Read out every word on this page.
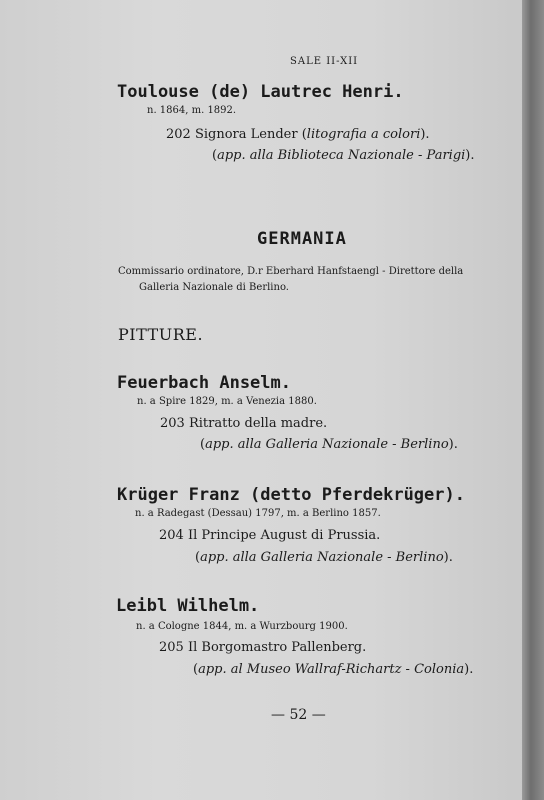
SALE II-XII
Toulouse (de) Lautrec Henri.
n. 1864, m. 1892.
202 Signora Lender (litografia a colori).
(app. alla Biblioteca Nazionale - Parigi).
GERMANIA
Commissario ordinatore, D.r Eberhard Hanfstaengl - Direttore della
Galleria Nazionale di Berlino.
PITTURE.
Feuerbach Anselm.
n. a Spire 1829, m. a Venezia 1880.
203 Ritratto della madre.
(app. alla Galleria Nazionale - Berlino).
Krüger Franz (detto Pferdekrüger).
n. a Radegast (Dessau) 1797, m. a Berlino 1857.
204 Il Principe August di Prussia.
(app. alla Galleria Nazionale - Berlino).
Leibl Wilhelm.
n. a Cologne 1844, m. a Wurzbourg 1900.
205 Il Borgomastro Pallenberg.
(app. al Museo Wallraf-Richartz - Colonia).
— 52 —
